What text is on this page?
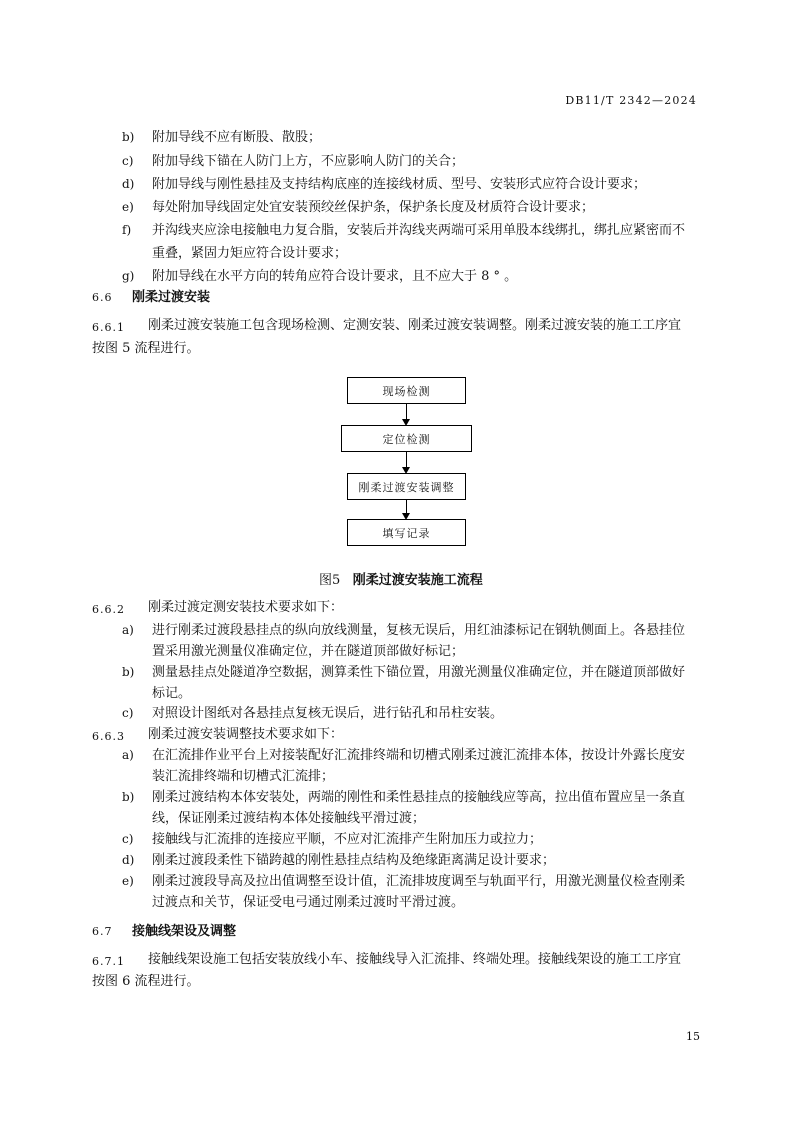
DB11/T 2342—2024
b) 附加导线不应有断股、散股；
c) 附加导线下锚在人防门上方，不应影响人防门的关合；
d) 附加导线与刚性悬挂及支持结构底座的连接线材质、型号、安装形式应符合设计要求；
e) 每处附加导线固定处宜安装预绞丝保护条，保护条长度及材质符合设计要求；
f) 并沟线夹应涂电接触电力复合脂，安装后并沟线夹两端可采用单股本线绑扎，绑扎应紧密而不
重叠，紧固力矩应符合设计要求；
g) 附加导线在水平方向的转角应符合设计要求，且不应大于 8 ° 。
6.6 刚柔过渡安装
6.6.1 刚柔过渡安装施工包含现场检测、定测安装、刚柔过渡安装调整。刚柔过渡安装的施工工序宜
按图 5 流程进行。
现场检测
定位检测
刚柔过渡安装调整
填写记录
图5 刚柔过渡安装施工流程
6.6.2 刚柔过渡定测安装技术要求如下：
a) 进行刚柔过渡段悬挂点的纵向放线测量，复核无误后，用红油漆标记在钢轨侧面上。各悬挂位
置采用激光测量仪准确定位，并在隧道顶部做好标记；
b) 测量悬挂点处隧道净空数据，测算柔性下锚位置，用激光测量仪准确定位，并在隧道顶部做好
标记。
c) 对照设计图纸对各悬挂点复核无误后，进行钻孔和吊柱安装。
6.6.3 刚柔过渡安装调整技术要求如下：
a) 在汇流排作业平台上对接装配好汇流排终端和切槽式刚柔过渡汇流排本体，按设计外露长度安
装汇流排终端和切槽式汇流排；
b) 刚柔过渡结构本体安装处，两端的刚性和柔性悬挂点的接触线应等高，拉出值布置应呈一条直
线，保证刚柔过渡结构本体处接触线平滑过渡；
c) 接触线与汇流排的连接应平顺，不应对汇流排产生附加压力或拉力；
d) 刚柔过渡段柔性下锚跨越的刚性悬挂点结构及绝缘距离满足设计要求；
e) 刚柔过渡段导高及拉出值调整至设计值，汇流排坡度调至与轨面平行，用激光测量仪检查刚柔
过渡点和关节，保证受电弓通过刚柔过渡时平滑过渡。
6.7 接触线架设及调整
6.7.1 接触线架设施工包括安装放线小车、接触线导入汇流排、终端处理。接触线架设的施工工序宜
按图 6 流程进行。
15
